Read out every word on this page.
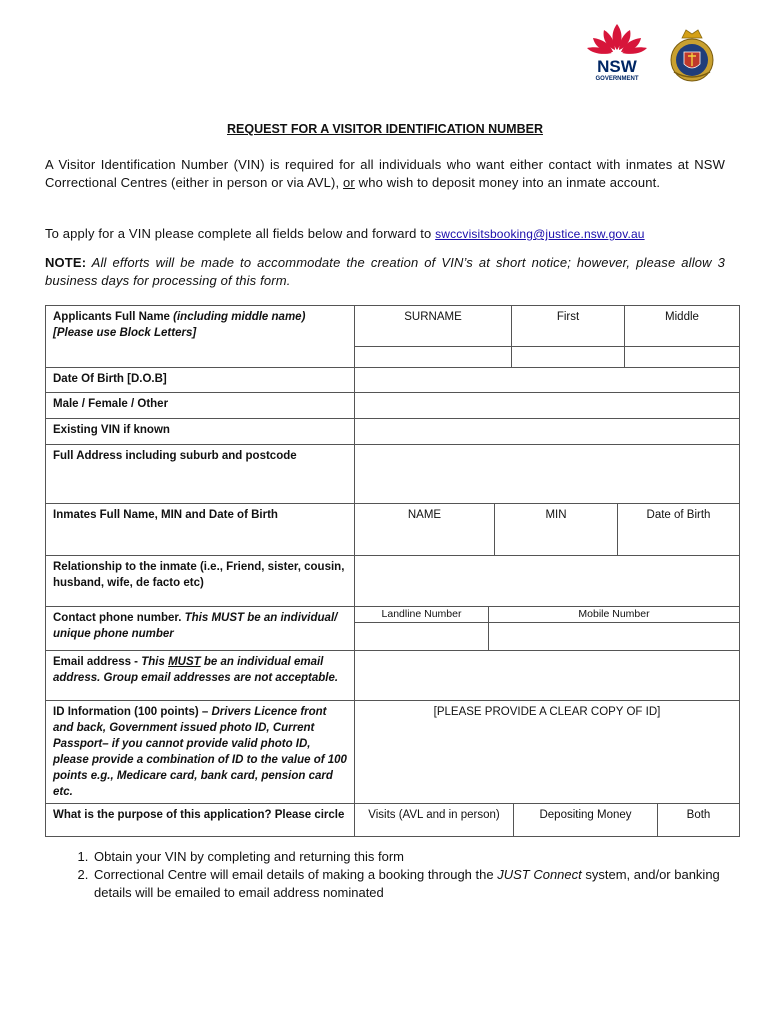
NSW
GOVERNMENT
REQUEST FOR A VISITOR IDENTIFICATION NUMBER
A Visitor Identification Number (VIN) is required for all individuals who want either contact with inmates at NSW Correctional Centres (either in person or via AVL), or who wish to deposit money into an inmate account.
To apply for a VIN please complete all fields below and forward to swccvisitsbooking@justice.nsw.gov.au
NOTE: All efforts will be made to accommodate the creation of VIN’s at short notice; however, please allow 3 business days for processing of this form.
Applicants Full Name (including middle name) [Please use Block Letters]	SURNAME	First	Middle

Date Of Birth [D.O.B]	
Male / Female / Other	
Existing VIN if known	
Full Address including suburb and postcode	
Inmates Full Name, MIN and Date of Birth		NAME	MIN	Date of Birth

Relationship to the inmate (i.e., Friend, sister, cousin, husband, wife, de facto etc)	
Contact phone number. This MUST be an individual/ unique phone number	
Landline Number	Mobile Number

Email address - This MUST be an individual email address. Group email addresses are not acceptable.	
ID Information (100 points) – Drivers Licence front and back, Government issued photo ID, Current Passport– if you cannot provide valid photo ID, please provide a combination of ID to the value of 100 points e.g., Medicare card, bank card, pension card etc.	[PLEASE PROVIDE A CLEAR COPY OF ID]
What is the purpose of this application? Please circle	Visits (AVL and in person)	Depositing Money	Both
1. Obtain your VIN by completing and returning this form
2. Correctional Centre will email details of making a booking through the JUST Connect system, and/or banking details will be emailed to email address nominated
